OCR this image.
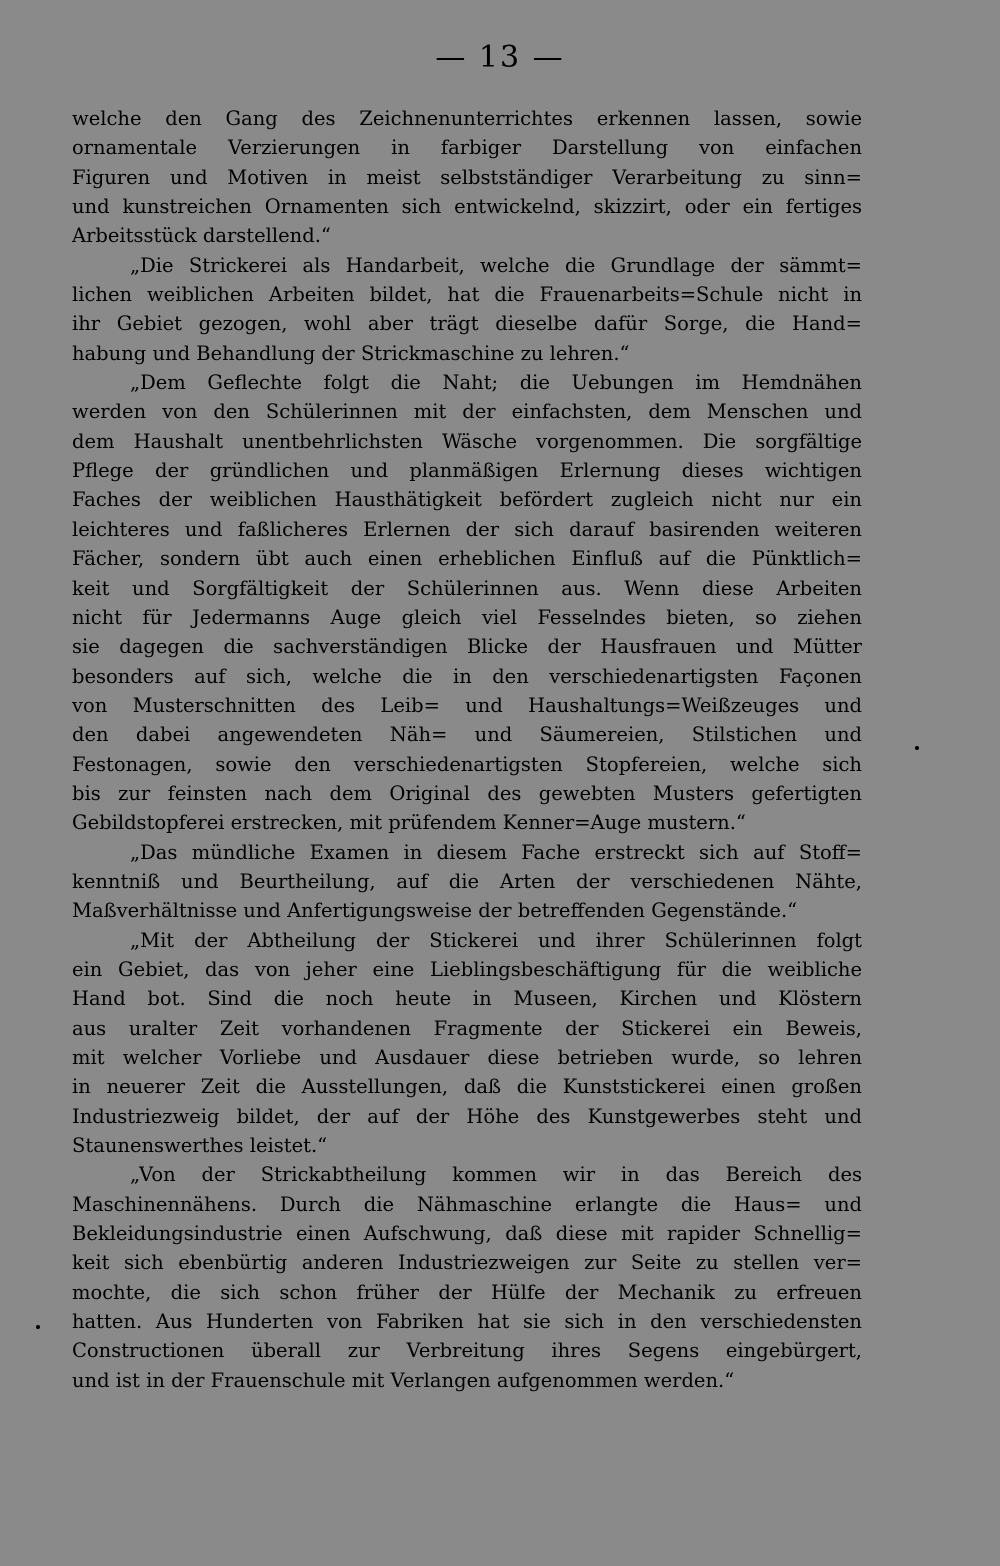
— 13 —
welche den Gang des Zeichnenunterrichtes erkennen lassen, sowie
ornamentale Verzierungen in farbiger Darstellung von einfachen
Figuren und Motiven in meist selbstständiger Verarbeitung zu sinn=
und kunstreichen Ornamenten sich entwickelnd, skizzirt, oder ein fertiges
Arbeitsstück darstellend.“
„Die Strickerei als Handarbeit, welche die Grundlage der sämmt=
lichen weiblichen Arbeiten bildet, hat die Frauenarbeits=Schule nicht in
ihr Gebiet gezogen, wohl aber trägt dieselbe dafür Sorge, die Hand=
habung und Behandlung der Strickmaschine zu lehren.“
„Dem Geflechte folgt die Naht; die Uebungen im Hemdnähen
werden von den Schülerinnen mit der einfachsten, dem Menschen und
dem Haushalt unentbehrlichsten Wäsche vorgenommen. Die sorgfältige
Pflege der gründlichen und planmäßigen Erlernung dieses wichtigen
Faches der weiblichen Hausthätigkeit befördert zugleich nicht nur ein
leichteres und faßlicheres Erlernen der sich darauf basirenden weiteren
Fächer, sondern übt auch einen erheblichen Einfluß auf die Pünktlich=
keit und Sorgfältigkeit der Schülerinnen aus. Wenn diese Arbeiten
nicht für Jedermanns Auge gleich viel Fesselndes bieten, so ziehen
sie dagegen die sachverständigen Blicke der Hausfrauen und Mütter
besonders auf sich, welche die in den verschiedenartigsten Façonen
von Musterschnitten des Leib= und Haushaltungs=Weißzeuges und
den dabei angewendeten Näh= und Säumereien, Stilstichen und
Festonagen, sowie den verschiedenartigsten Stopfereien, welche sich
bis zur feinsten nach dem Original des gewebten Musters gefertigten
Gebildstopferei erstrecken, mit prüfendem Kenner=Auge mustern.“
„Das mündliche Examen in diesem Fache erstreckt sich auf Stoff=
kenntniß und Beurtheilung, auf die Arten der verschiedenen Nähte,
Maßverhältnisse und Anfertigungsweise der betreffenden Gegenstände.“
„Mit der Abtheilung der Stickerei und ihrer Schülerinnen folgt
ein Gebiet, das von jeher eine Lieblingsbeschäftigung für die weibliche
Hand bot. Sind die noch heute in Museen, Kirchen und Klöstern
aus uralter Zeit vorhandenen Fragmente der Stickerei ein Beweis,
mit welcher Vorliebe und Ausdauer diese betrieben wurde, so lehren
in neuerer Zeit die Ausstellungen, daß die Kunststickerei einen großen
Industriezweig bildet, der auf der Höhe des Kunstgewerbes steht und
Staunenswerthes leistet.“
„Von der Strickabtheilung kommen wir in das Bereich des
Maschinennähens. Durch die Nähmaschine erlangte die Haus= und
Bekleidungsindustrie einen Aufschwung, daß diese mit rapider Schnellig=
keit sich ebenbürtig anderen Industriezweigen zur Seite zu stellen ver=
mochte, die sich schon früher der Hülfe der Mechanik zu erfreuen
hatten. Aus Hunderten von Fabriken hat sie sich in den verschiedensten
Constructionen überall zur Verbreitung ihres Segens eingebürgert,
und ist in der Frauenschule mit Verlangen aufgenommen werden.“
